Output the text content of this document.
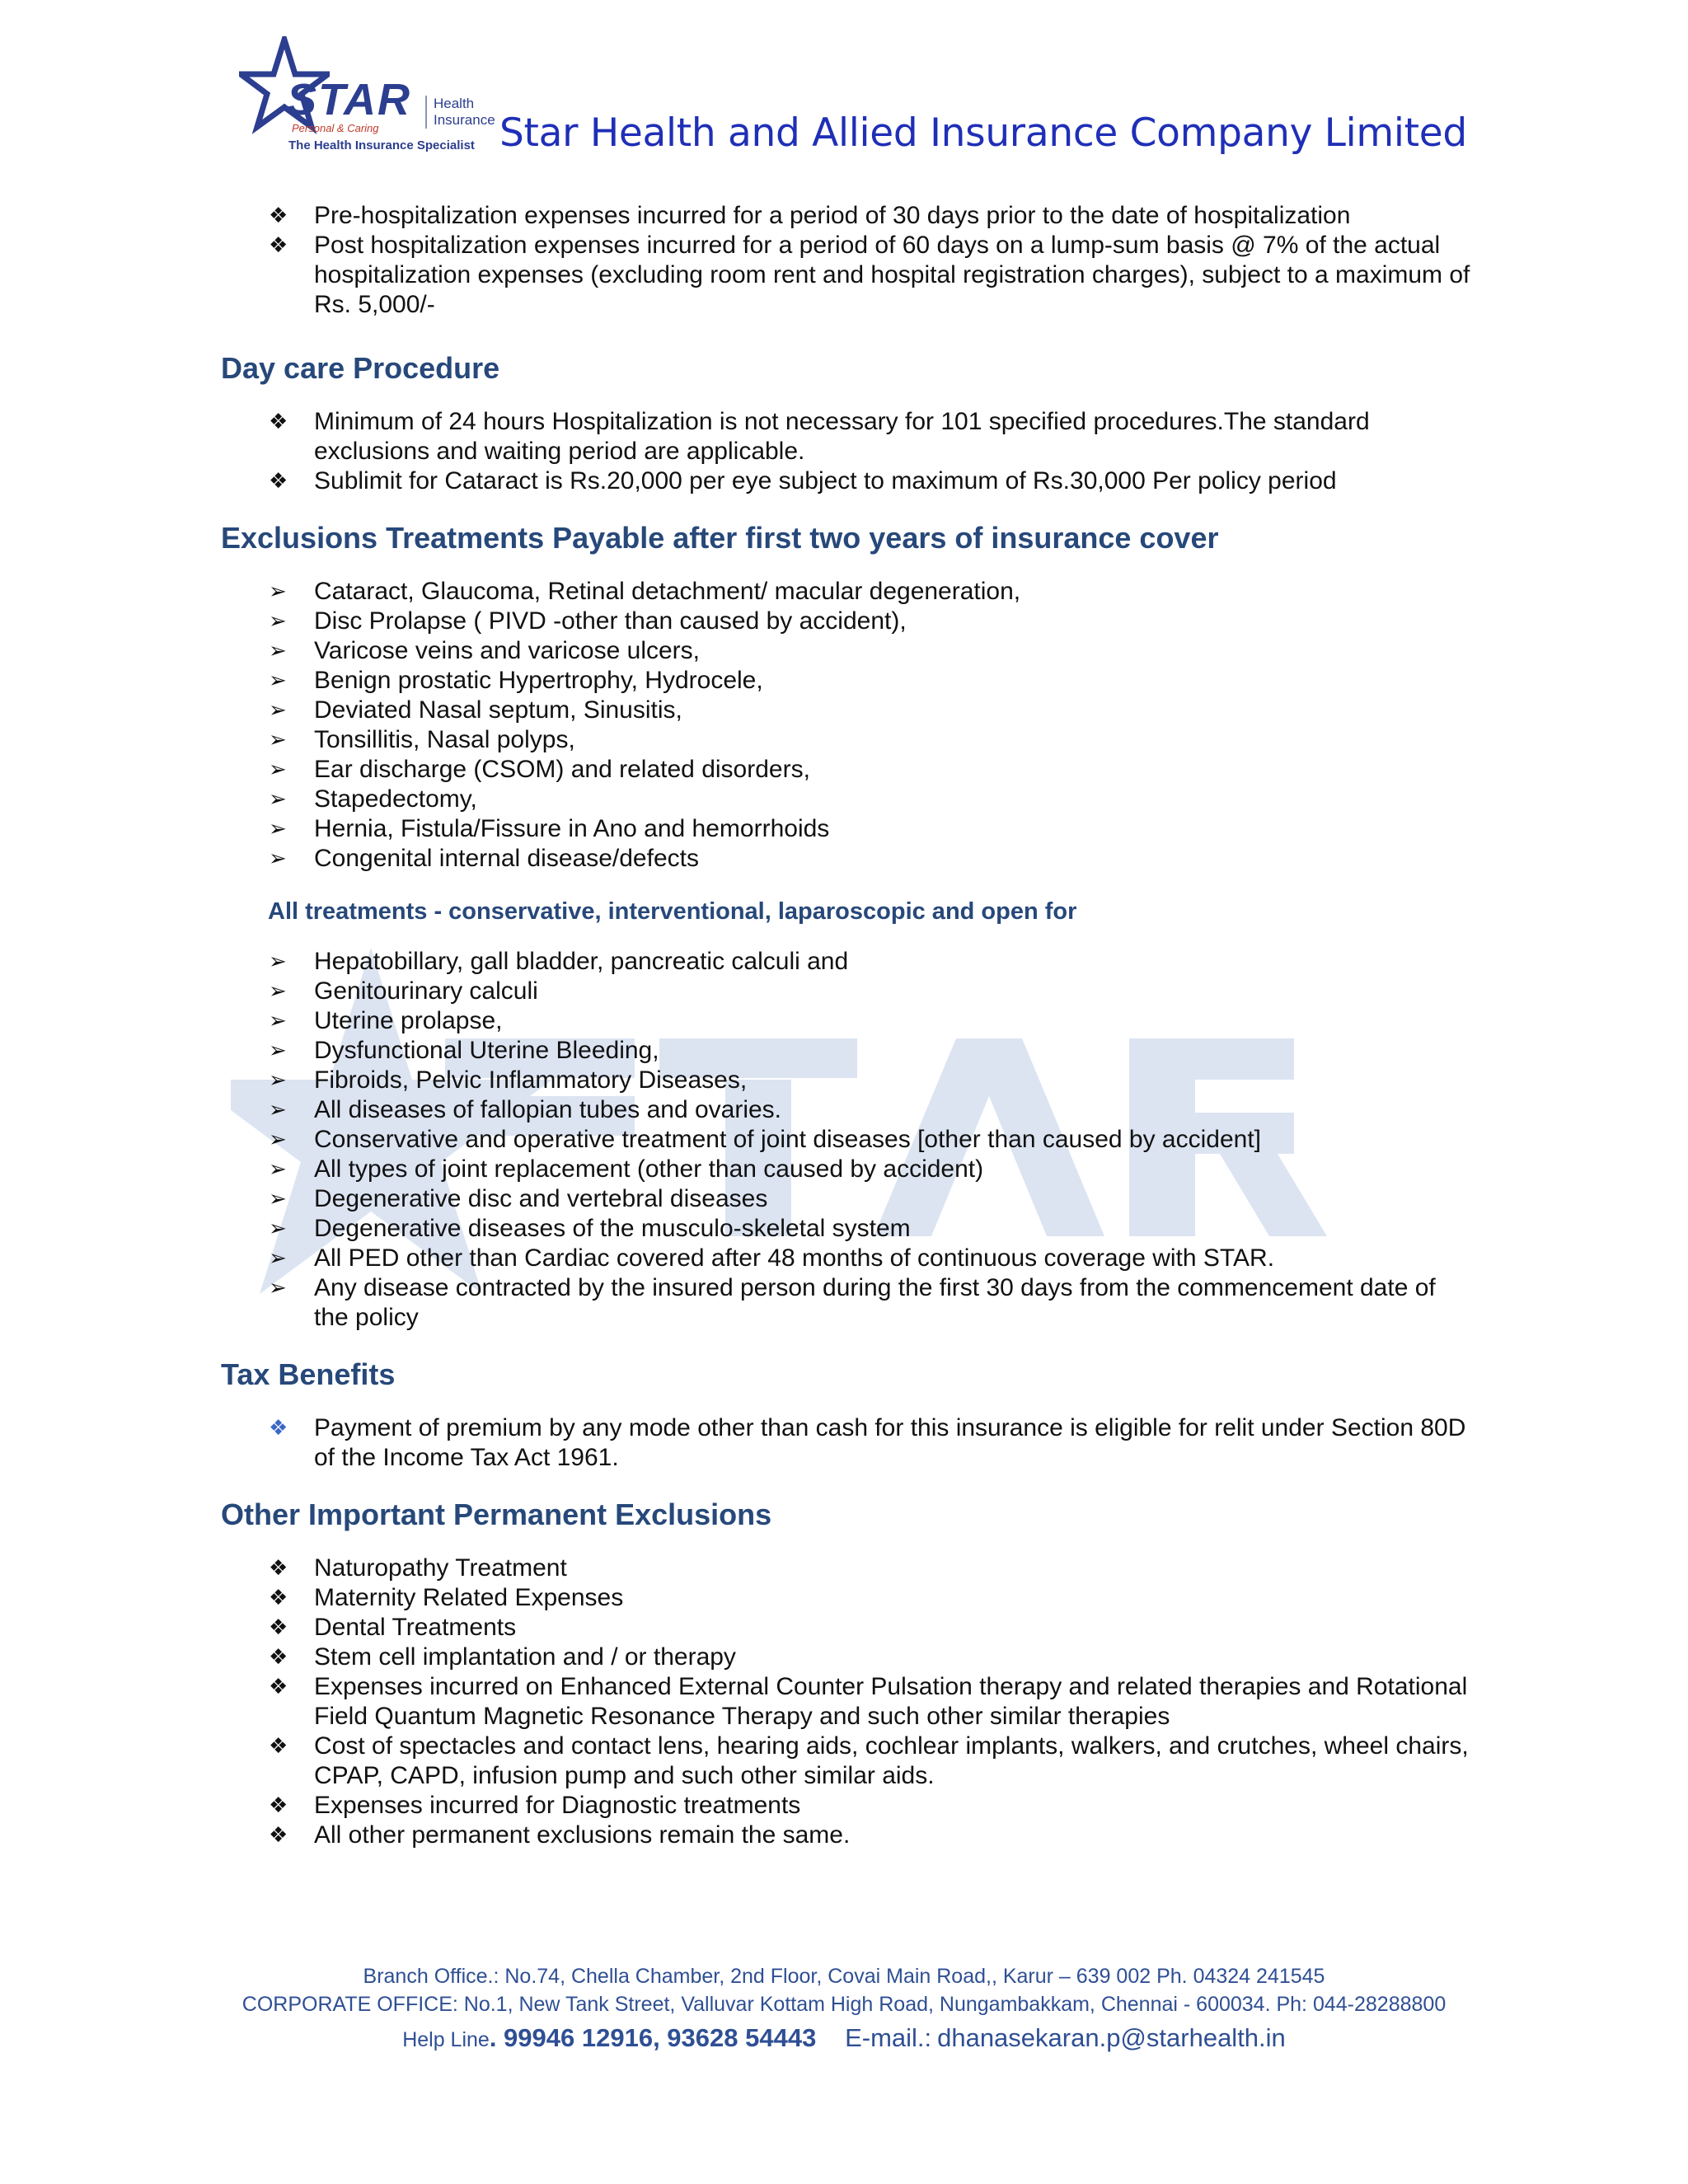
STAR
Personal & Caring
Health
Insurance
The Health Insurance Specialist Star Health and Allied Insurance Company Limited
❖ Pre-hospitalization expenses incurred for a period of 30 days prior to the date of hospitalization
❖ Post hospitalization expenses incurred for a period of 60 days on a lump-sum basis @ 7% of the actual hospitalization expenses (excluding room rent and hospital registration charges), subject to a maximum of Rs. 5,000/-
Day care Procedure
❖ Minimum of 24 hours Hospitalization is not necessary for 101 specified procedures.The standard exclusions and waiting period are applicable.
❖ Sublimit for Cataract is Rs.20,000 per eye subject to maximum of Rs.30,000 Per policy period
Exclusions Treatments Payable after first two years of insurance cover
➢ Cataract, Glaucoma, Retinal detachment/ macular degeneration,
➢ Disc Prolapse ( PIVD -other than caused by accident),
➢ Varicose veins and varicose ulcers,
➢ Benign prostatic Hypertrophy, Hydrocele,
➢ Deviated Nasal septum, Sinusitis,
➢ Tonsillitis, Nasal polyps,
➢ Ear discharge (CSOM) and related disorders,
➢ Stapedectomy,
➢ Hernia, Fistula/Fissure in Ano and hemorrhoids
➢ Congenital internal disease/defects
All treatments - conservative, interventional, laparoscopic and open for
➢ Hepatobillary, gall bladder, pancreatic calculi and
➢ Genitourinary calculi
➢ Uterine prolapse,
➢ Dysfunctional Uterine Bleeding,
➢ Fibroids, Pelvic Inflammatory Diseases,
➢ All diseases of fallopian tubes and ovaries.
➢ Conservative and operative treatment of joint diseases [other than caused by accident]
➢ All types of joint replacement (other than caused by accident)
➢ Degenerative disc and vertebral diseases
➢ Degenerative diseases of the musculo-skeletal system
➢ All PED other than Cardiac covered after 48 months of continuous coverage with STAR.
➢ Any disease contracted by the insured person during the first 30 days from the commencement date of the policy
Tax Benefits
❖ Payment of premium by any mode other than cash for this insurance is eligible for relit under Section 80D of the Income Tax Act 1961.
Other Important Permanent Exclusions
❖ Naturopathy Treatment
❖ Maternity Related Expenses
❖ Dental Treatments
❖ Stem cell implantation and / or therapy
❖ Expenses incurred on Enhanced External Counter Pulsation therapy and related therapies and Rotational Field Quantum Magnetic Resonance Therapy and such other similar therapies
❖ Cost of spectacles and contact lens, hearing aids, cochlear implants, walkers, and crutches, wheel chairs, CPAP, CAPD, infusion pump and such other similar aids.
❖ Expenses incurred for Diagnostic treatments
❖ All other permanent exclusions remain the same.
Branch Office.: No.74, Chella Chamber, 2nd Floor, Covai Main Road,, Karur – 639 002 Ph. 04324 241545
CORPORATE OFFICE: No.1, New Tank Street, Valluvar Kottam High Road, Nungambakkam, Chennai - 600034. Ph: 044-28288800
Help Line. 99946 12916, 93628 54443 E-mail.: dhanasekaran.p@starhealth.in
